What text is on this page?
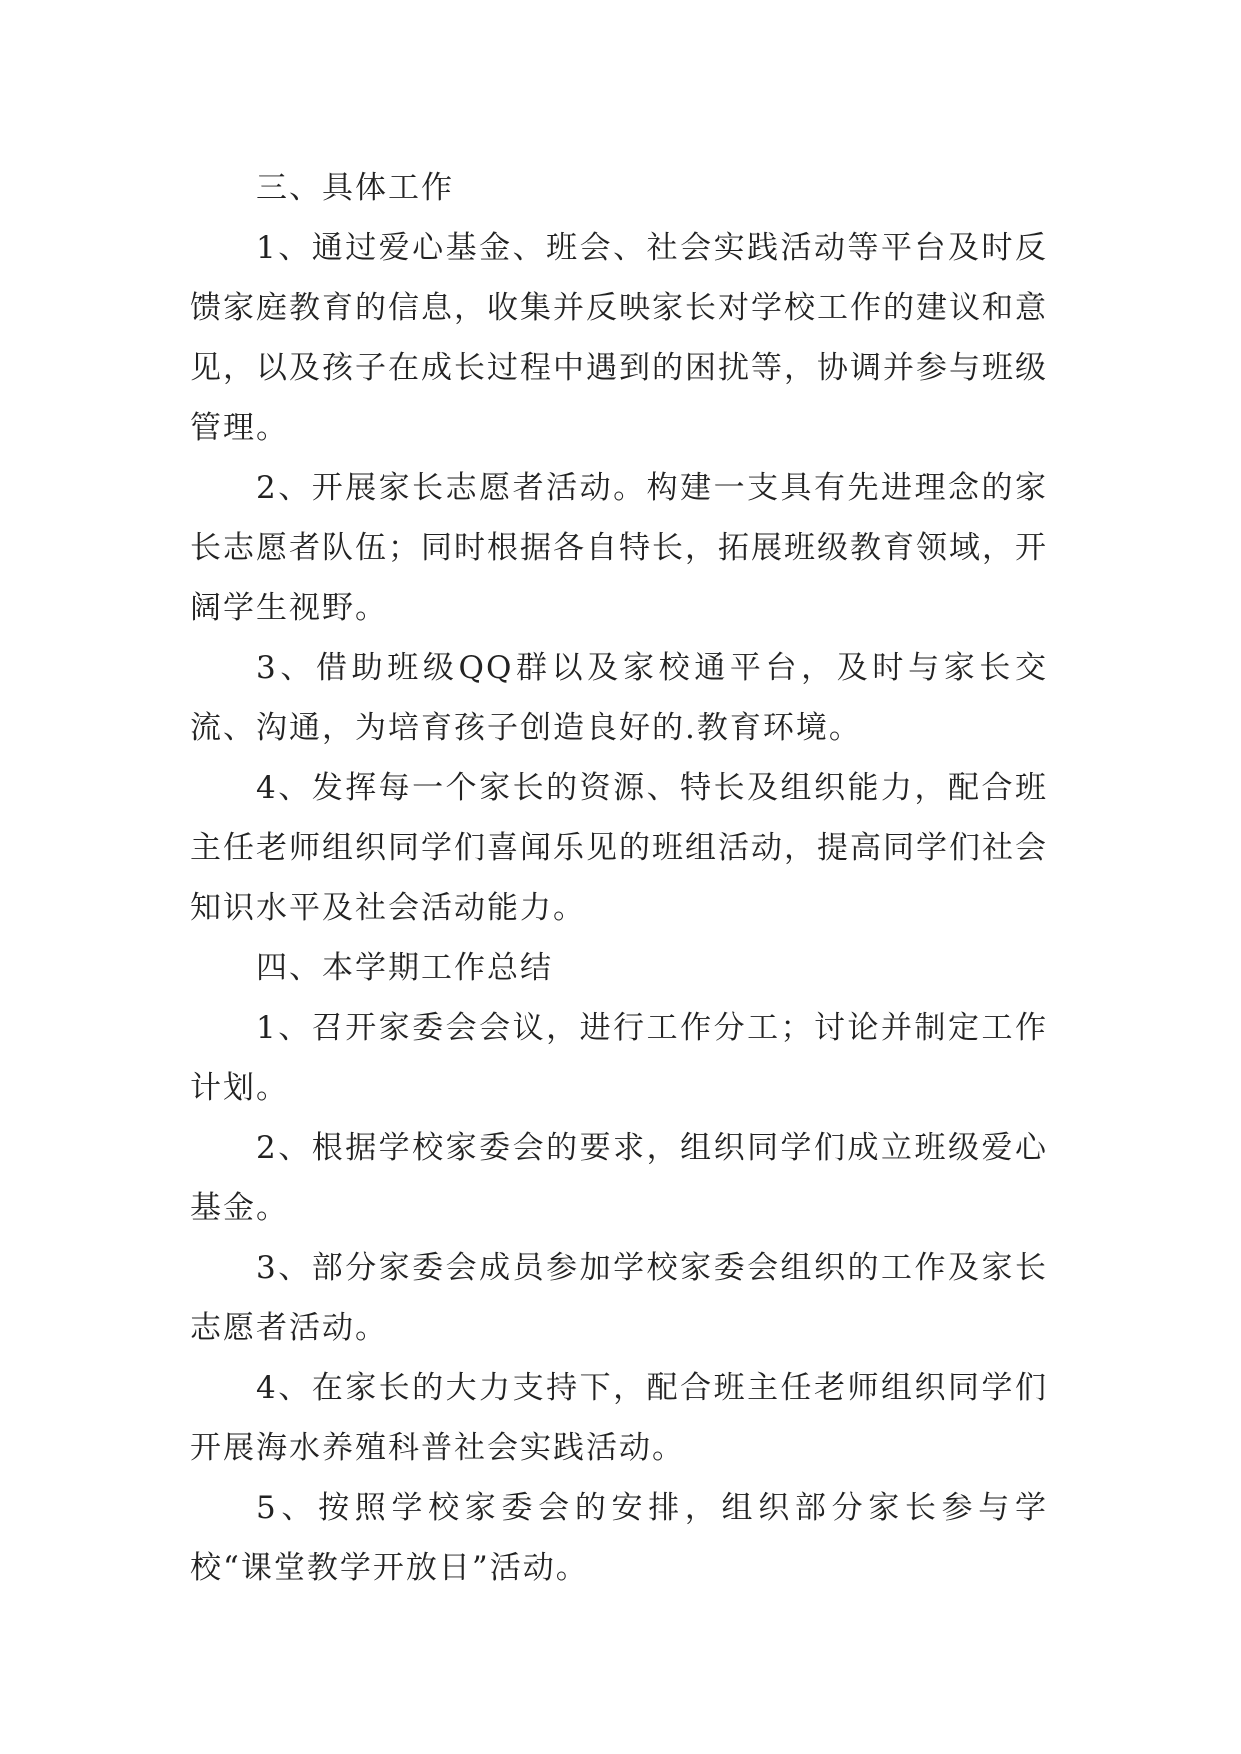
三、具体工作

1、通过爱心基金、班会、社会实践活动等平台及时反馈家庭教育的信息，收集并反映家长对学校工作的建议和意见，以及孩子在成长过程中遇到的困扰等，协调并参与班级管理。

2、开展家长志愿者活动。构建一支具有先进理念的家长志愿者队伍；同时根据各自特长，拓展班级教育领域，开阔学生视野。

3、借助班级QQ群以及家校通平台，及时与家长交流、沟通，为培育孩子创造良好的.教育环境。

4、发挥每一个家长的资源、特长及组织能力，配合班主任老师组织同学们喜闻乐见的班组活动，提高同学们社会知识水平及社会活动能力。

四、本学期工作总结

1、召开家委会会议，进行工作分工；讨论并制定工作计划。

2、根据学校家委会的要求，组织同学们成立班级爱心基金。

3、部分家委会成员参加学校家委会组织的工作及家长志愿者活动。

4、在家长的大力支持下，配合班主任老师组织同学们开展海水养殖科普社会实践活动。

5、按照学校家委会的安排，组织部分家长参与学校“课堂教学开放日”活动。
